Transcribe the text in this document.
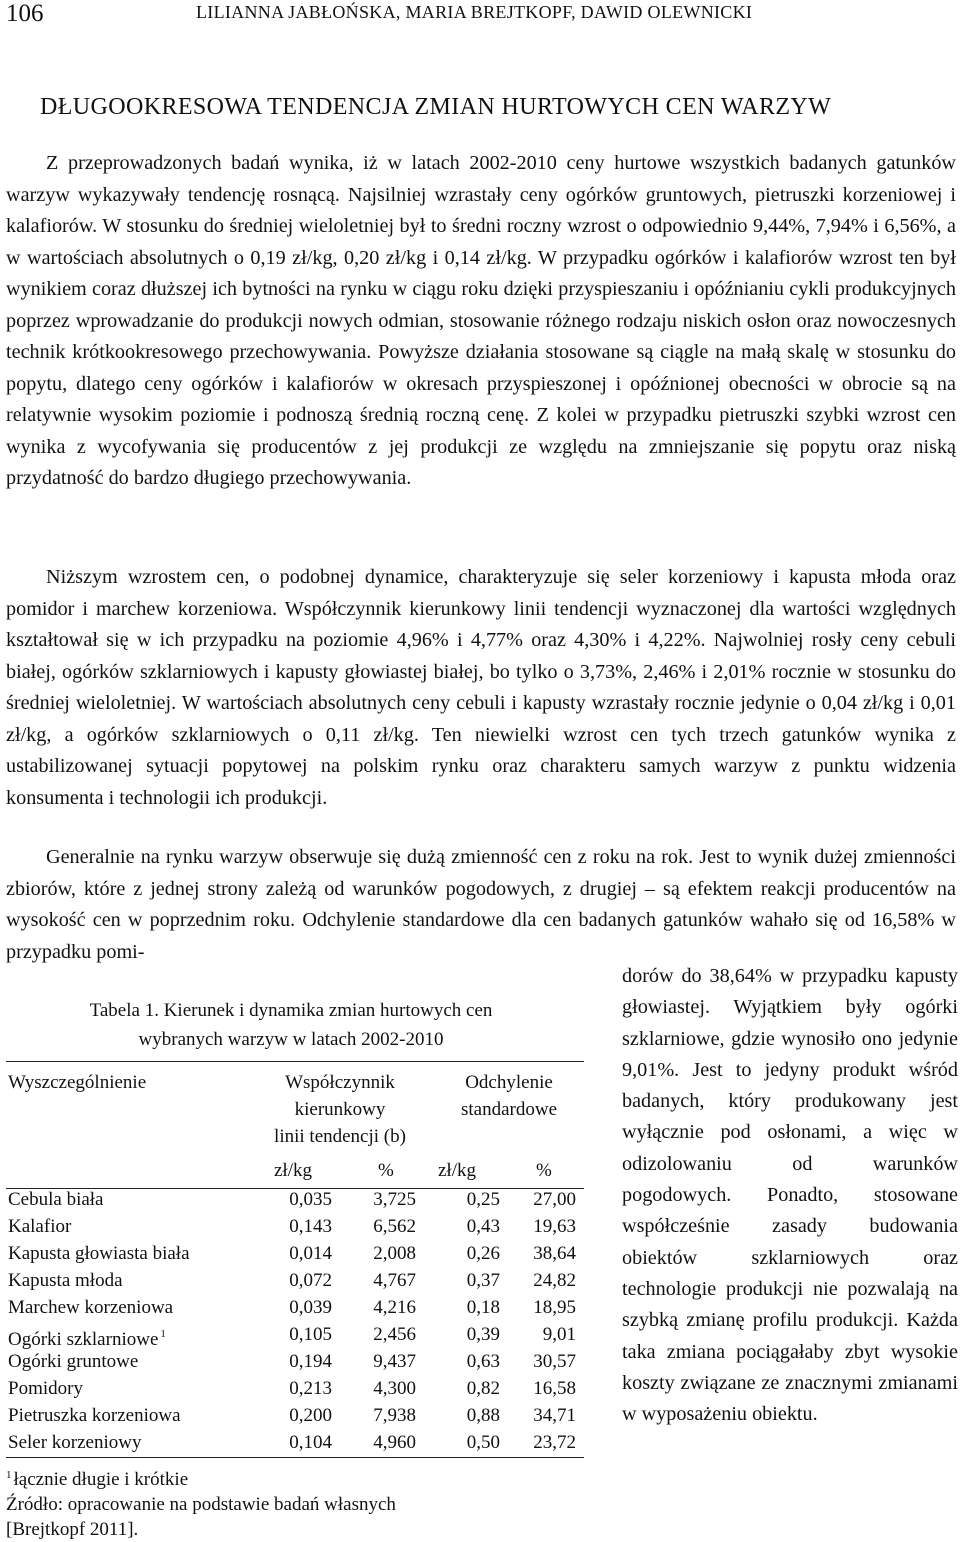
106	LILIANNA JABŁOŃSKA, MARIA BREJTKOPF, DAWID OLEWNICKI
DŁUGOOKRESOWA TENDENCJA ZMIAN HURTOWYCH CEN WARZYW

Z przeprowadzonych badań wynika, iż w latach 2002-2010 ceny hurtowe wszystkich badanych gatunków warzyw wykazywały tendencję rosnącą. Najsilniej wzrastały ceny ogórków gruntowych, pietruszki korzeniowej i kalafiorów. W stosunku do średniej wieloletniej był to średni roczny wzrost o odpowiednio 9,44%, 7,94% i 6,56%, a w wartościach absolutnych o 0,19 zł/kg, 0,20 zł/kg i 0,14 zł/kg. W przypadku ogórków i kalafiorów wzrost ten był wynikiem coraz dłuższej ich bytności na rynku w ciągu roku dzięki przyspieszaniu i opóźnianiu cykli produkcyjnych poprzez wprowadzanie do produkcji nowych odmian, stosowanie różnego rodzaju niskich osłon oraz nowoczesnych technik krótkookresowego przechowywania. Powyższe działania stosowane są ciągle na małą skalę w stosunku do popytu, dlatego ceny ogórków i kalafiorów w okresach przyspieszonej i opóźnionej obecności w obrocie są na relatywnie wysokim poziomie i podnoszą średnią roczną cenę. Z kolei w przypadku pietruszki szybki wzrost cen wynika z wycofywania się producentów z jej produkcji ze względu na zmniejszanie się popytu oraz niską przydatność do bardzo długiego przechowywania.

Niższym wzrostem cen, o podobnej dynamice, charakteryzuje się seler korzeniowy i kapusta młoda oraz pomidor i marchew korzeniowa. Współczynnik kierunkowy linii tendencji wyznaczonej dla wartości względnych kształtował się w ich przypadku na poziomie 4,96% i 4,77% oraz 4,30% i 4,22%. Najwolniej rosły ceny cebuli białej, ogórków szklarniowych i kapusty głowiastej białej, bo tylko o 3,73%, 2,46% i 2,01% rocznie w stosunku do średniej wieloletniej. W wartościach absolutnych ceny cebuli i kapusty wzrastały rocznie jedynie o 0,04 zł/kg i 0,01 zł/kg, a ogórków szklarniowych o 0,11 zł/kg. Ten niewielki wzrost cen tych trzech gatunków wynika z ustabilizowanej sytuacji popytowej na polskim rynku oraz charakteru samych warzyw z punktu widzenia konsumenta i technologii ich produkcji.

Generalnie na rynku warzyw obserwuje się dużą zmienność cen z roku na rok. Jest to wynik dużej zmienności zbiorów, które z jednej strony zależą od warunków pogodowych, z drugiej – są efektem reakcji producentów na wysokość cen w poprzednim roku. Odchylenie standardowe dla cen badanych gatunków wahało się od 16,58% w przypadku pomi-

dorów do 38,64% w przypadku kapusty głowiastej. Wyjątkiem były ogórki szklarniowe, gdzie wynosiło ono jedynie 9,01%. Jest to jedyny produkt wśród badanych, który produkowany jest wyłącznie pod osłonami, a więc w odizolowaniu od warunków pogodowych. Ponadto, stosowane współcześnie zasady budowania obiektów szklarniowych oraz technologie produkcji nie pozwalają na szybką zmianę profilu produkcji. Każda taka zmiana pociągałaby zbyt wysokie koszty związane ze znacznymi zmianami w wyposażeniu obiektu.

Tabela 1. Kierunek i dynamika zmian hurtowych cen
wybranych warzyw w latach 2002-2010
Wyszczególnienie	Współczynnik
kierunkowy
linii tendencji (b)
Odchylenie
standardowe
zł/kg	% zł/kg	%
Cebula biała	0,035 3,725	0,25 27,00
Kalafior	0,143 6,562	0,43 19,63
Kapusta głowiasta biała	0,014 2,008	0,26 38,64
Kapusta młoda	0,072 4,767	0,37 24,82
Marchew korzeniowa	0,039 4,216	0,18 18,95
Ogórki szklarniowe $^1$	0,105 2,456	0,39 9,01
Ogórki gruntowe	0,194 9,437	0,63 30,57
Pomidory	0,213 4,300	0,82 16,58
Pietruszka korzeniowa	0,200 7,938	0,88 34,71
Seler korzeniowy	0,104 4,960	0,50 23,72
$^1$ łącznie długie i krótkie
Źródło: opracowanie na podstawie badań własnych
[Brejtkopf 2011].
